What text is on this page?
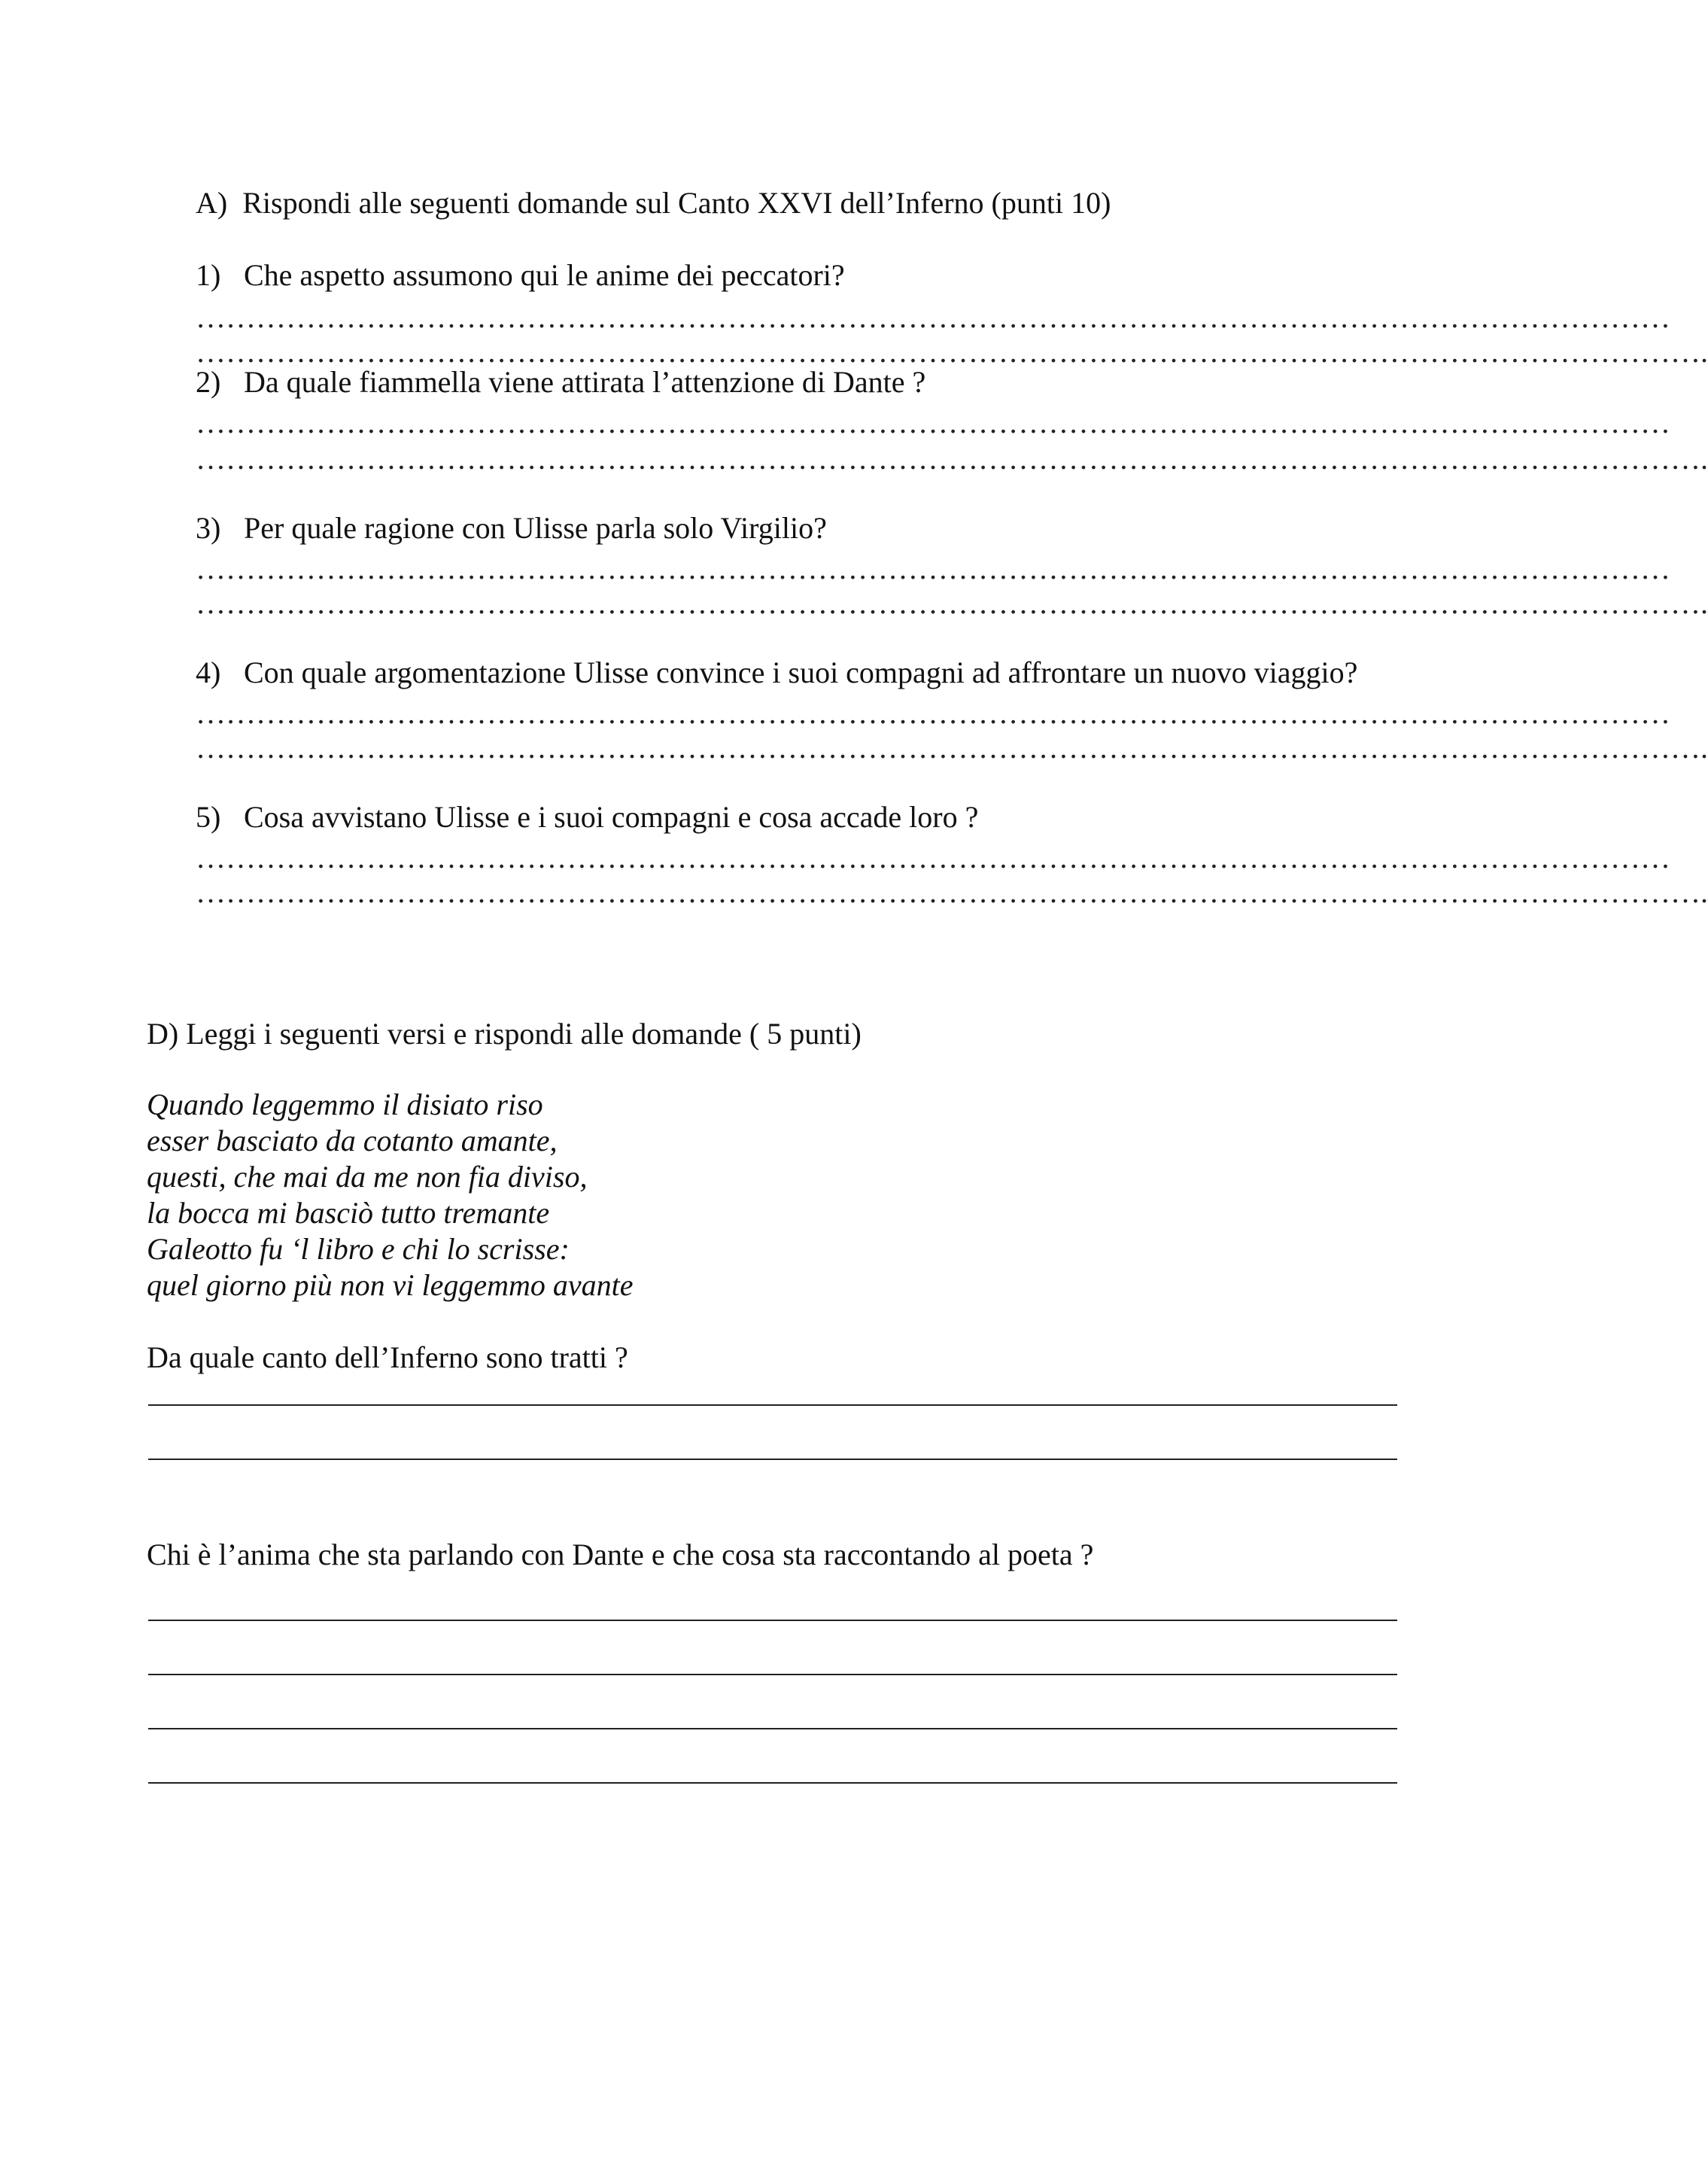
A)  Rispondi alle seguenti domande sul Canto XXVI dell’Inferno (punti 10)
1) Che aspetto assumono qui le anime dei peccatori?
…………………………………………………………………………………………………………………………………
…………………………………………………………………………………………………………………………………….
2) Da quale fiammella viene attirata l’attenzione di Dante ?
…………………………………………………………………………………………………………………………………
…………………………………………………………………………………………………………………………………….
3) Per quale ragione con Ulisse parla solo Virgilio?
…………………………………………………………………………………………………………………………………
…………………………………………………………………………………………………………………………………….
4) Con quale argomentazione Ulisse convince i suoi compagni ad affrontare un nuovo viaggio?
…………………………………………………………………………………………………………………………………
…………………………………………………………………………………………………………………………………….
5) Cosa avvistano Ulisse e i suoi compagni e cosa accade loro ?
…………………………………………………………………………………………………………………………………
…………………………………………………………………………………………………………………………………….
D) Leggi i seguenti versi e rispondi alle domande ( 5 punti)
Quando leggemmo il disiato riso
esser basciato da cotanto amante,
questi, che mai da me non fia diviso,
la bocca mi basciò tutto tremante
Galeotto fu ‘l libro e chi lo scrisse:
quel giorno più non vi leggemmo avante
Da quale canto dell’Inferno sono tratti ?
Chi è l’anima che sta parlando con Dante e che cosa sta raccontando al poeta ?
